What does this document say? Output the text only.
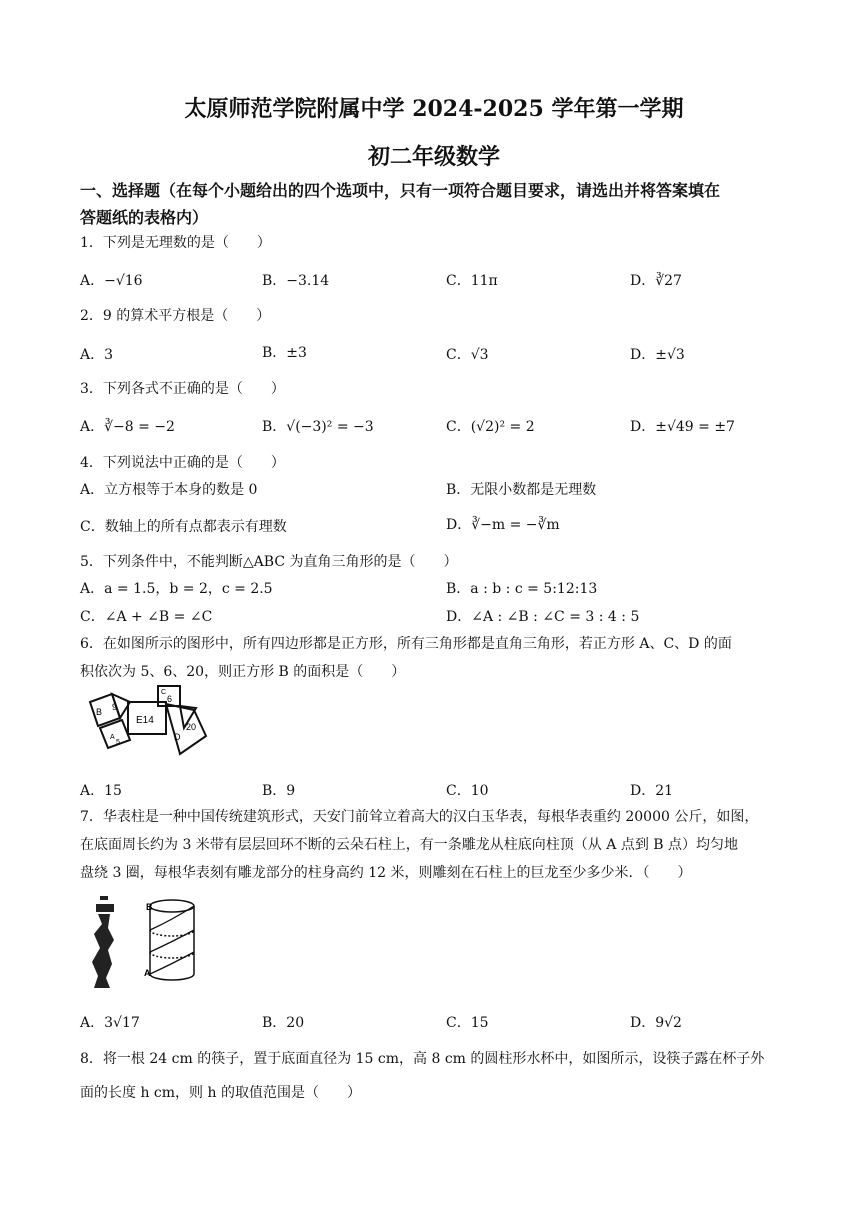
太原师范学院附属中学 2024-2025 学年第一学期
初二年级数学
一、选择题（在每个小题给出的四个选项中，只有一项符合题目要求，请选出并将答案填在
答题纸的表格内）
1．下列是无理数的是（　　）
A．−√16	B．−3.14	C．11π	D．∛27
2．9 的算术平方根是（　　）
A．3	B．±3	C．√3	D．±√3
3．下列各式不正确的是（　　）
A．∛−8 = −2	B．√(−3)² = −3	C．(√2)² = 2	D．±√49 = ±7
4．下列说法中正确的是（　　）
A．立方根等于本身的数是 0	B．无限小数都是无理数
C．数轴上的所有点都表示有理数	D．∛−m = −∛m
5．下列条件中，不能判断△ABC 为直角三角形的是（　　）
A．a = 1.5，b = 2，c = 2.5	B．a : b : c = 5:12:13
C．∠A + ∠B = ∠C	D．∠A : ∠B : ∠C = 3 : 4 : 5
6．在如图所示的图形中，所有四边形都是正方形，所有三角形都是直角三角形，若正方形 A、C、D 的面
积依次为 5、6、20，则正方形 B 的面积是（　　）
B 9
E14
C
6
A
5
D
20
A．15	B．9	C．10	D．21
7．华表柱是一种中国传统建筑形式，天安门前耸立着高大的汉白玉华表，每根华表重约 20000 公斤，如图，
在底面周长约为 3 米带有层层回环不断的云朵石柱上，有一条雕龙从柱底向柱顶（从 A 点到 B 点）均匀地
盘绕 3 圈，每根华表刻有雕龙部分的柱身高约 12 米，则雕刻在石柱上的巨龙至少多少米．（　　）
B
A
A．3√17	B．20	C．15	D．9√2
8．将一根 24 cm 的筷子，置于底面直径为 15 cm，高 8 cm 的圆柱形水杯中，如图所示，设筷子露在杯子外
面的长度 h cm，则 h 的取值范围是（　　）
